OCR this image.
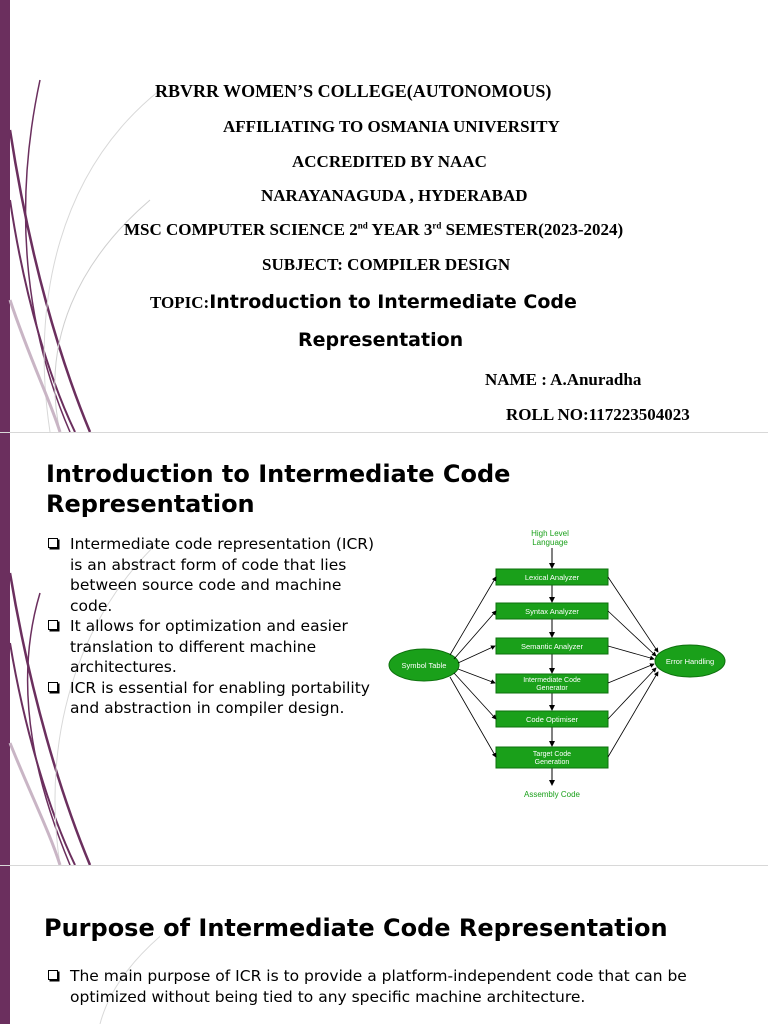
RBVRR WOMEN’S COLLEGE(AUTONOMOUS)
AFFILIATING TO OSMANIA UNIVERSITY
ACCREDITED BY NAAC
NARAYANAGUDA , HYDERABAD
MSC COMPUTER SCIENCE 2nd YEAR 3rd SEMESTER(2023-2024)
SUBJECT: COMPILER DESIGN
TOPIC:Introduction to Intermediate Code
Representation
NAME : A.Anuradha
ROLL NO:117223504023
Introduction to Intermediate Code
Representation
Intermediate code representation (ICR) is an abstract form of code that lies between source code and machine code.
It allows for optimization and easier translation to different machine architectures.
ICR is essential for enabling portability and abstraction in compiler design.
High Level
Language
Lexical Analyzer
Syntax Analyzer
Semantic Analyzer
Intermediate Code
Generator
Code Optimiser
Target Code
Generation
Assembly Code
Symbol Table	Error Handling
Purpose of Intermediate Code Representation
The main purpose of ICR is to provide a platform-independent code that can be optimized without being tied to any specific machine architecture.
